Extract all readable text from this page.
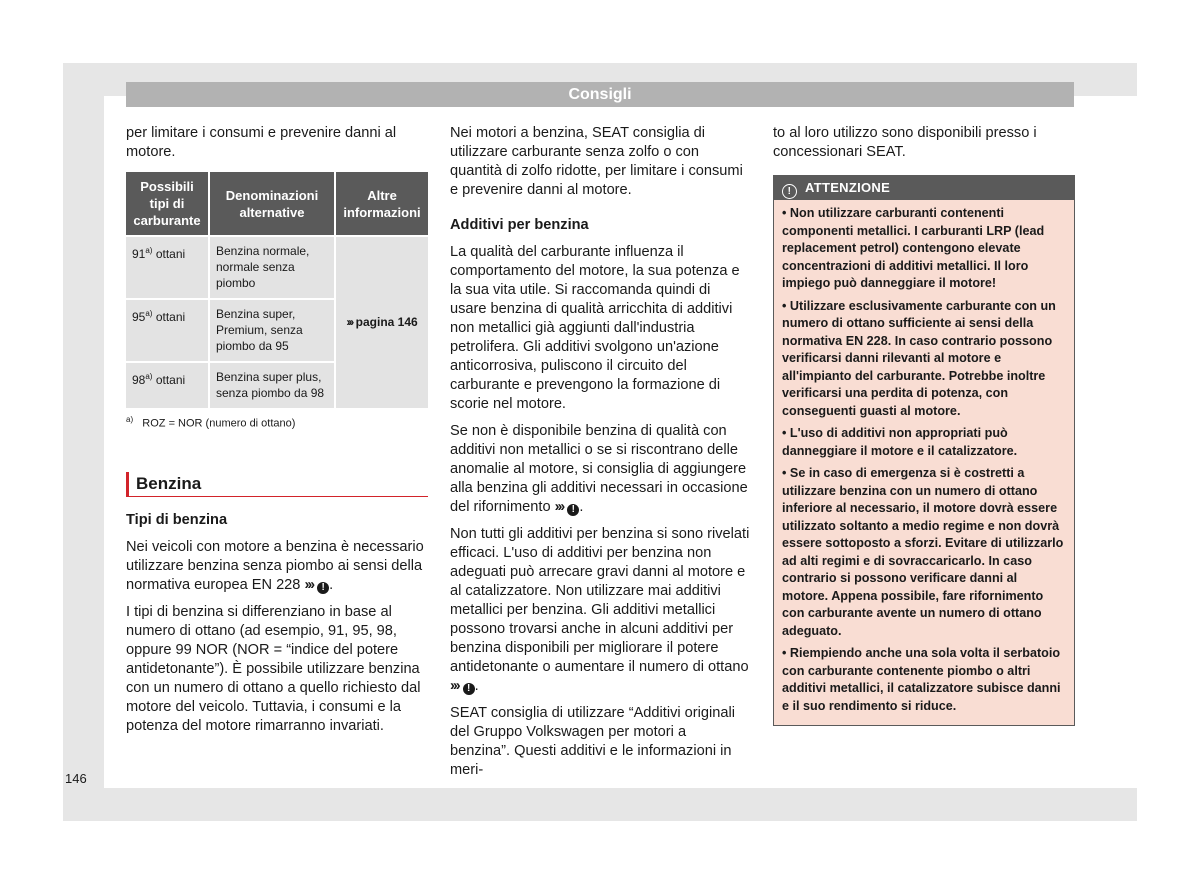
Consigli

per limitare i consumi e prevenire danni al motore.

Possibili tipi di carburante	Denominazioni alternative	Altre informazioni
91$^{a)}$ ottani	Benzina normale, normale senza piombo	››› pagina 146
95$^{a)}$ ottani	Benzina super, Premium, senza piombo da 95	
98$^{a)}$ ottani	Benzina super plus, senza piombo da 98	

$^{a)}$ ROZ = NOR (numero di ottano)

Benzina

Tipi di benzina

Nei veicoli con motore a benzina è necessario utilizzare benzina senza piombo ai sensi della normativa europea EN 228 ››› ! .

I tipi di benzina si differenziano in base al numero di ottano (ad esempio, 91, 95, 98, oppure 99 NOR (NOR = “indice del potere antidetonante”). È possibile utilizzare benzina con un numero di ottano a quello richiesto dal motore del veicolo. Tuttavia, i consumi e la potenza del motore rimarranno invariati.

Nei motori a benzina, SEAT consiglia di utilizzare carburante senza zolfo o con quantità di zolfo ridotte, per limitare i consumi e prevenire danni al motore.

Additivi per benzina

La qualità del carburante influenza il comportamento del motore, la sua potenza e la sua vita utile. Si raccomanda quindi di usare benzina di qualità arricchita di additivi non metallici già aggiunti dall'industria petrolifera. Gli additivi svolgono un'azione anticorrosiva, puliscono il circuito del carburante e prevengono la formazione di scorie nel motore.

Se non è disponibile benzina di qualità con additivi non metallici o se si riscontrano delle anomalie al motore, si consiglia di aggiungere alla benzina gli additivi necessari in occasione del rifornimento ››› ! .

Non tutti gli additivi per benzina si sono rivelati efficaci. L'uso di additivi per benzina non adeguati può arrecare gravi danni al motore e al catalizzatore. Non utilizzare mai additivi metallici per benzina. Gli additivi metallici possono trovarsi anche in alcuni additivi per benzina disponibili per migliorare il potere antidetonante o aumentare il numero di ottano ››› ! .

SEAT consiglia di utilizzare “Additivi originali del Gruppo Volkswagen per motori a benzina”. Questi additivi e le informazioni in meri-

to al loro utilizzo sono disponibili presso i concessionari SEAT.

! ATTENZIONE

• Non utilizzare carburanti contenenti componenti metallici. I carburanti LRP (lead replacement petrol) contengono elevate concentrazioni di additivi metallici. Il loro impiego può danneggiare il motore!

• Utilizzare esclusivamente carburante con un numero di ottano sufficiente ai sensi della normativa EN 228. In caso contrario possono verificarsi danni rilevanti al motore e all'impianto del carburante. Potrebbe inoltre verificarsi una perdita di potenza, con conseguenti guasti al motore.

• L'uso di additivi non appropriati può danneggiare il motore e il catalizzatore.

• Se in caso di emergenza si è costretti a utilizzare benzina con un numero di ottano inferiore al necessario, il motore dovrà essere utilizzato soltanto a medio regime e non dovrà essere sottoposto a sforzi. Evitare di utilizzarlo ad alti regimi e di sovraccaricarlo. In caso contrario si possono verificare danni al motore. Appena possibile, fare rifornimento con carburante avente un numero di ottano adeguato.

• Riempiendo anche una sola volta il serbatoio con carburante contenente piombo o altri additivi metallici, il catalizzatore subisce danni e il suo rendimento si riduce.

146
